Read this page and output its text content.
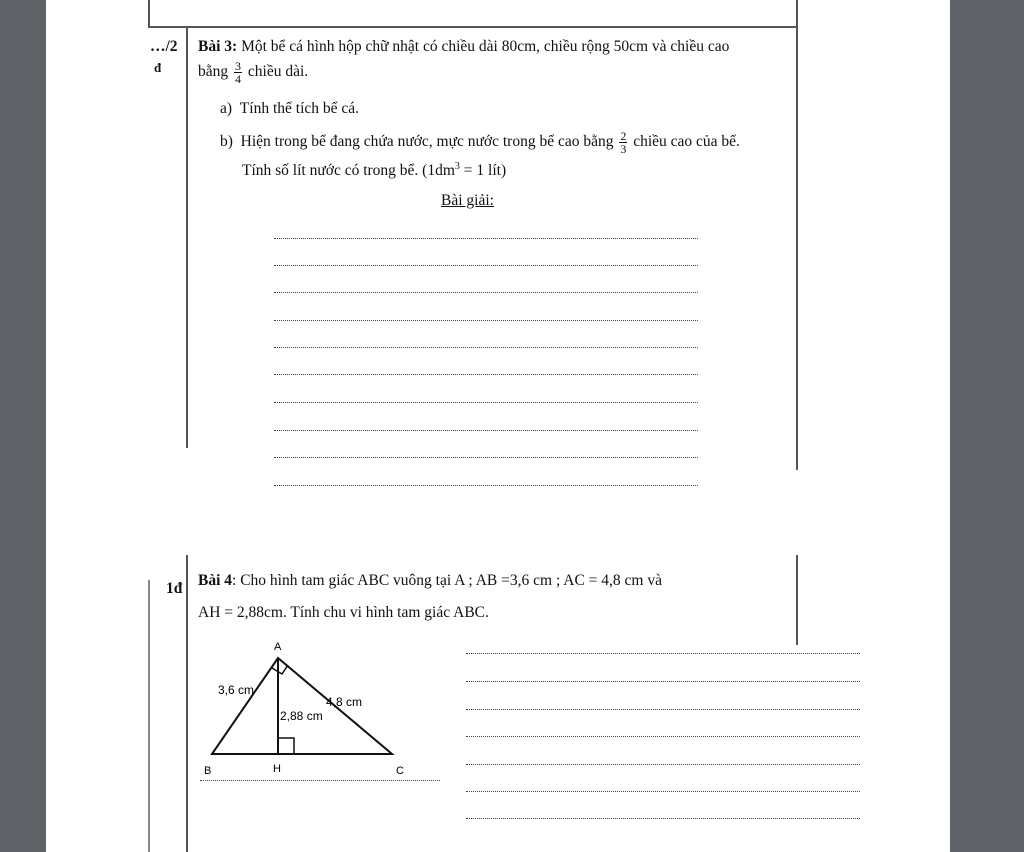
…/2
đ
Bài 3: Một bể cá hình hộp chữ nhật có chiều dài 80cm, chiều rộng 50cm và chiều cao
bằng $\frac{3}{4}$ chiều dài.
a) Tính thể tích bể cá.
b) Hiện trong bể đang chứa nước, mực nước trong bể cao bằng $\frac{2}{3}$ chiều cao của bể.
Tính số lít nước có trong bể. ($1dm^3 = 1$ lít)
Bài giải:
1đ Bài 4: Cho hình tam giác ABC vuông tại A ; AB =3,6 cm ; AC = 4,8 cm và
AH = 2,88cm. Tính chu vi hình tam giác ABC.
A
B	H	C
3,6 cm
4,8 cm
2,88 cm
